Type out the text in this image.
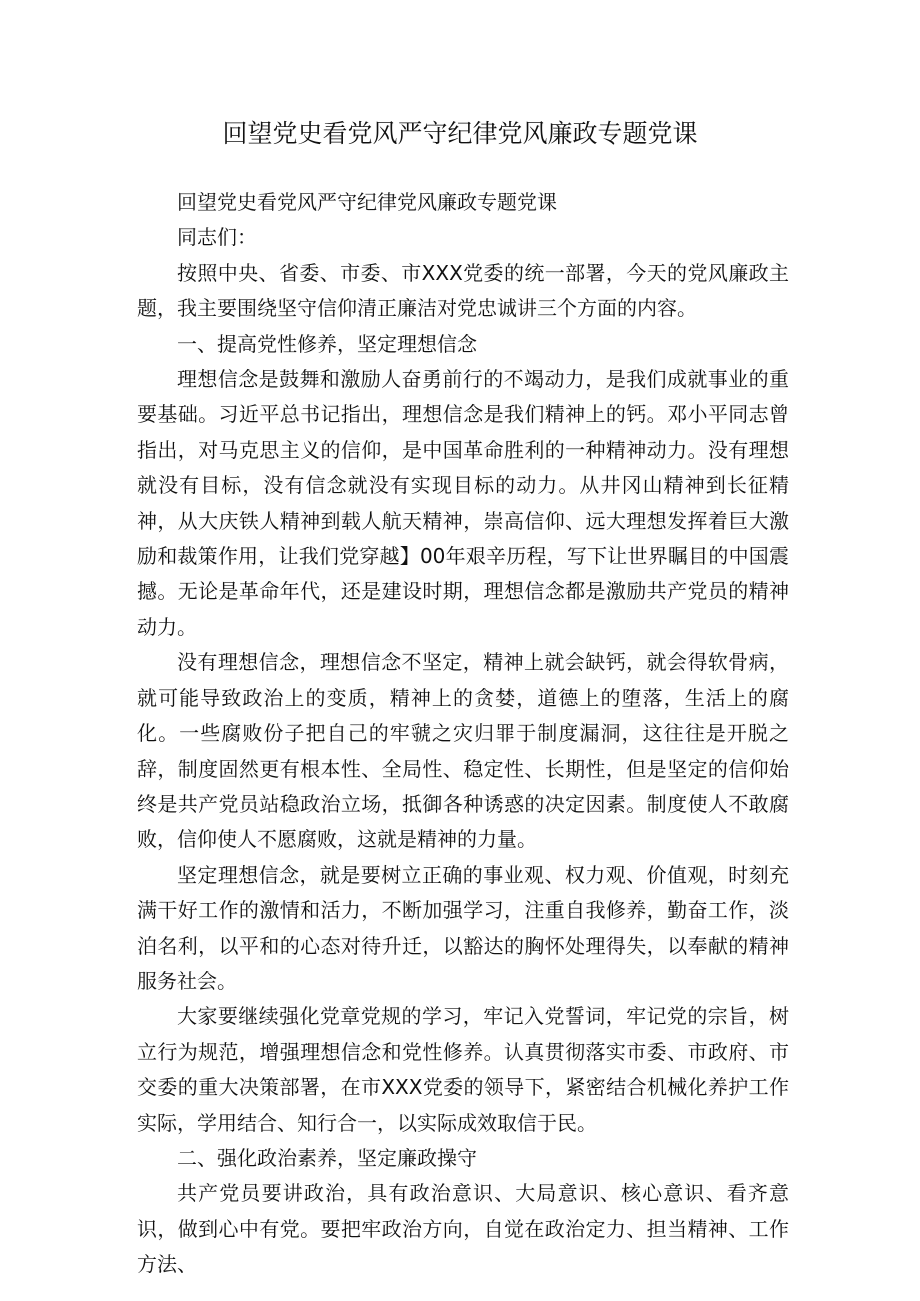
回望党史看党风严守纪律党风廉政专题党课

回望党史看党风严守纪律党风廉政专题党课

同志们：

按照中央、省委、市委、市XXX党委的统一部署，今天的党风廉政主题，我主要围绕坚守信仰清正廉洁对党忠诚讲三个方面的内容。

一、提高党性修养，坚定理想信念

理想信念是鼓舞和激励人奋勇前行的不竭动力，是我们成就事业的重要基础。习近平总书记指出，理想信念是我们精神上的钙。邓小平同志曾指出，对马克思主义的信仰，是中国革命胜利的一种精神动力。没有理想就没有目标，没有信念就没有实现目标的动力。从井冈山精神到长征精神，从大庆铁人精神到载人航天精神，崇高信仰、远大理想发挥着巨大激励和裁策作用，让我们党穿越】00年艰辛历程，写下让世界瞩目的中国震撼。无论是革命年代，还是建设时期，理想信念都是激励共产党员的精神动力。

没有理想信念，理想信念不坚定，精神上就会缺钙，就会得软骨病，就可能导致政治上的变质，精神上的贪婪，道德上的堕落，生活上的腐化。一些腐败份子把自己的牢虢之灾归罪于制度漏洞，这往往是开脱之辞，制度固然更有根本性、全局性、稳定性、长期性，但是坚定的信仰始终是共产党员站稳政治立场，抵御各种诱惑的决定因素。制度使人不敢腐败，信仰使人不愿腐败，这就是精神的力量。

坚定理想信念，就是要树立正确的事业观、权力观、价值观，时刻充满干好工作的激情和活力，不断加强学习，注重自我修养，勤奋工作，淡泊名利，以平和的心态对待升迁，以豁达的胸怀处理得失，以奉献的精神服务社会。

大家要继续强化党章党规的学习，牢记入党誓词，牢记党的宗旨，树立行为规范，增强理想信念和党性修养。认真贯彻落实市委、市政府、市交委的重大决策部署，在市XXX党委的领导下，紧密结合机械化养护工作实际，学用结合、知行合一，以实际成效取信于民。

二、强化政治素养，坚定廉政操守

共产党员要讲政治，具有政治意识、大局意识、核心意识、看齐意识，做到心中有党。要把牢政治方向，自觉在政治定力、担当精神、工作方法、
